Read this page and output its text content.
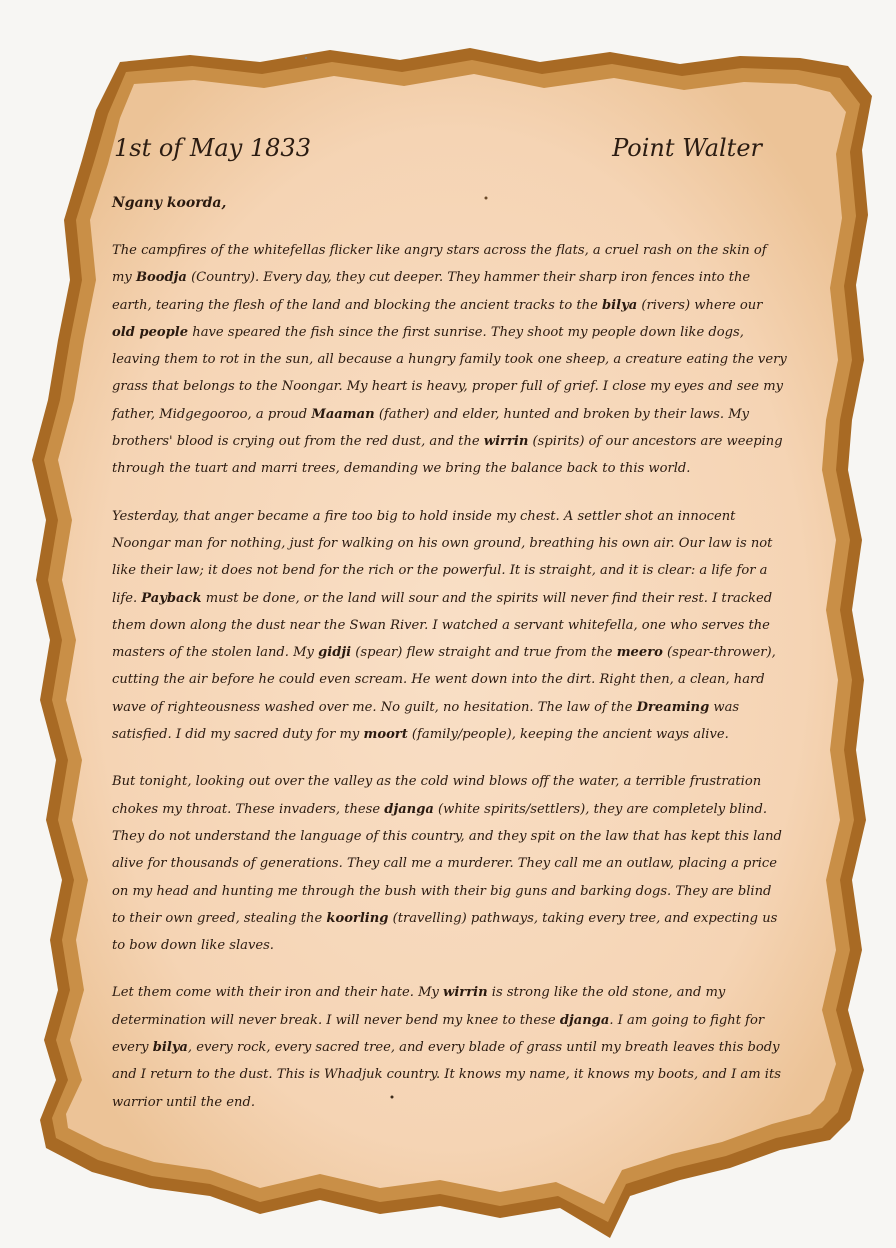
1st of May 1833	Point Walter
Ngany koorda,

The campfires of the whitefellas flicker like angry stars across the flats, a cruel rash on the skin of my Boodja (Country). Every day, they cut deeper. They hammer their sharp iron fences into the earth, tearing the flesh of the land and blocking the ancient tracks to the bilya (rivers) where our old people have speared the fish since the first sunrise. They shoot my people down like dogs, leaving them to rot in the sun, all because a hungry family took one sheep, a creature eating the very grass that belongs to the Noongar. My heart is heavy, proper full of grief. I close my eyes and see my father, Midgegooroo, a proud Maaman (father) and elder, hunted and broken by their laws. My brothers' blood is crying out from the red dust, and the wirrin (spirits) of our ancestors are weeping through the tuart and marri trees, demanding we bring the balance back to this world.

Yesterday, that anger became a fire too big to hold inside my chest. A settler shot an innocent Noongar man for nothing, just for walking on his own ground, breathing his own air. Our law is not like their law; it does not bend for the rich or the powerful. It is straight, and it is clear: a life for a life. Payback must be done, or the land will sour and the spirits will never find their rest. I tracked them down along the dust near the Swan River. I watched a servant whitefella, one who serves the masters of the stolen land. My gidji (spear) flew straight and true from the meero (spear-thrower), cutting the air before he could even scream. He went down into the dirt. Right then, a clean, hard wave of righteousness washed over me. No guilt, no hesitation. The law of the Dreaming was satisfied. I did my sacred duty for my moort (family/people), keeping the ancient ways alive.

But tonight, looking out over the valley as the cold wind blows off the water, a terrible frustration chokes my throat. These invaders, these djanga (white spirits/settlers), they are completely blind. They do not understand the language of this country, and they spit on the law that has kept this land alive for thousands of generations. They call me a murderer. They call me an outlaw, placing a price on my head and hunting me through the bush with their big guns and barking dogs. They are blind to their own greed, stealing the koorling (travelling) pathways, taking every tree, and expecting us to bow down like slaves.

Let them come with their iron and their hate. My wirrin is strong like the old stone, and my determination will never break. I will never bend my knee to these djanga. I am going to fight for every bilya, every rock, every sacred tree, and every blade of grass until my breath leaves this body and I return to the dust. This is Whadjuk country. It knows my name, it knows my boots, and I am its warrior until the end.
